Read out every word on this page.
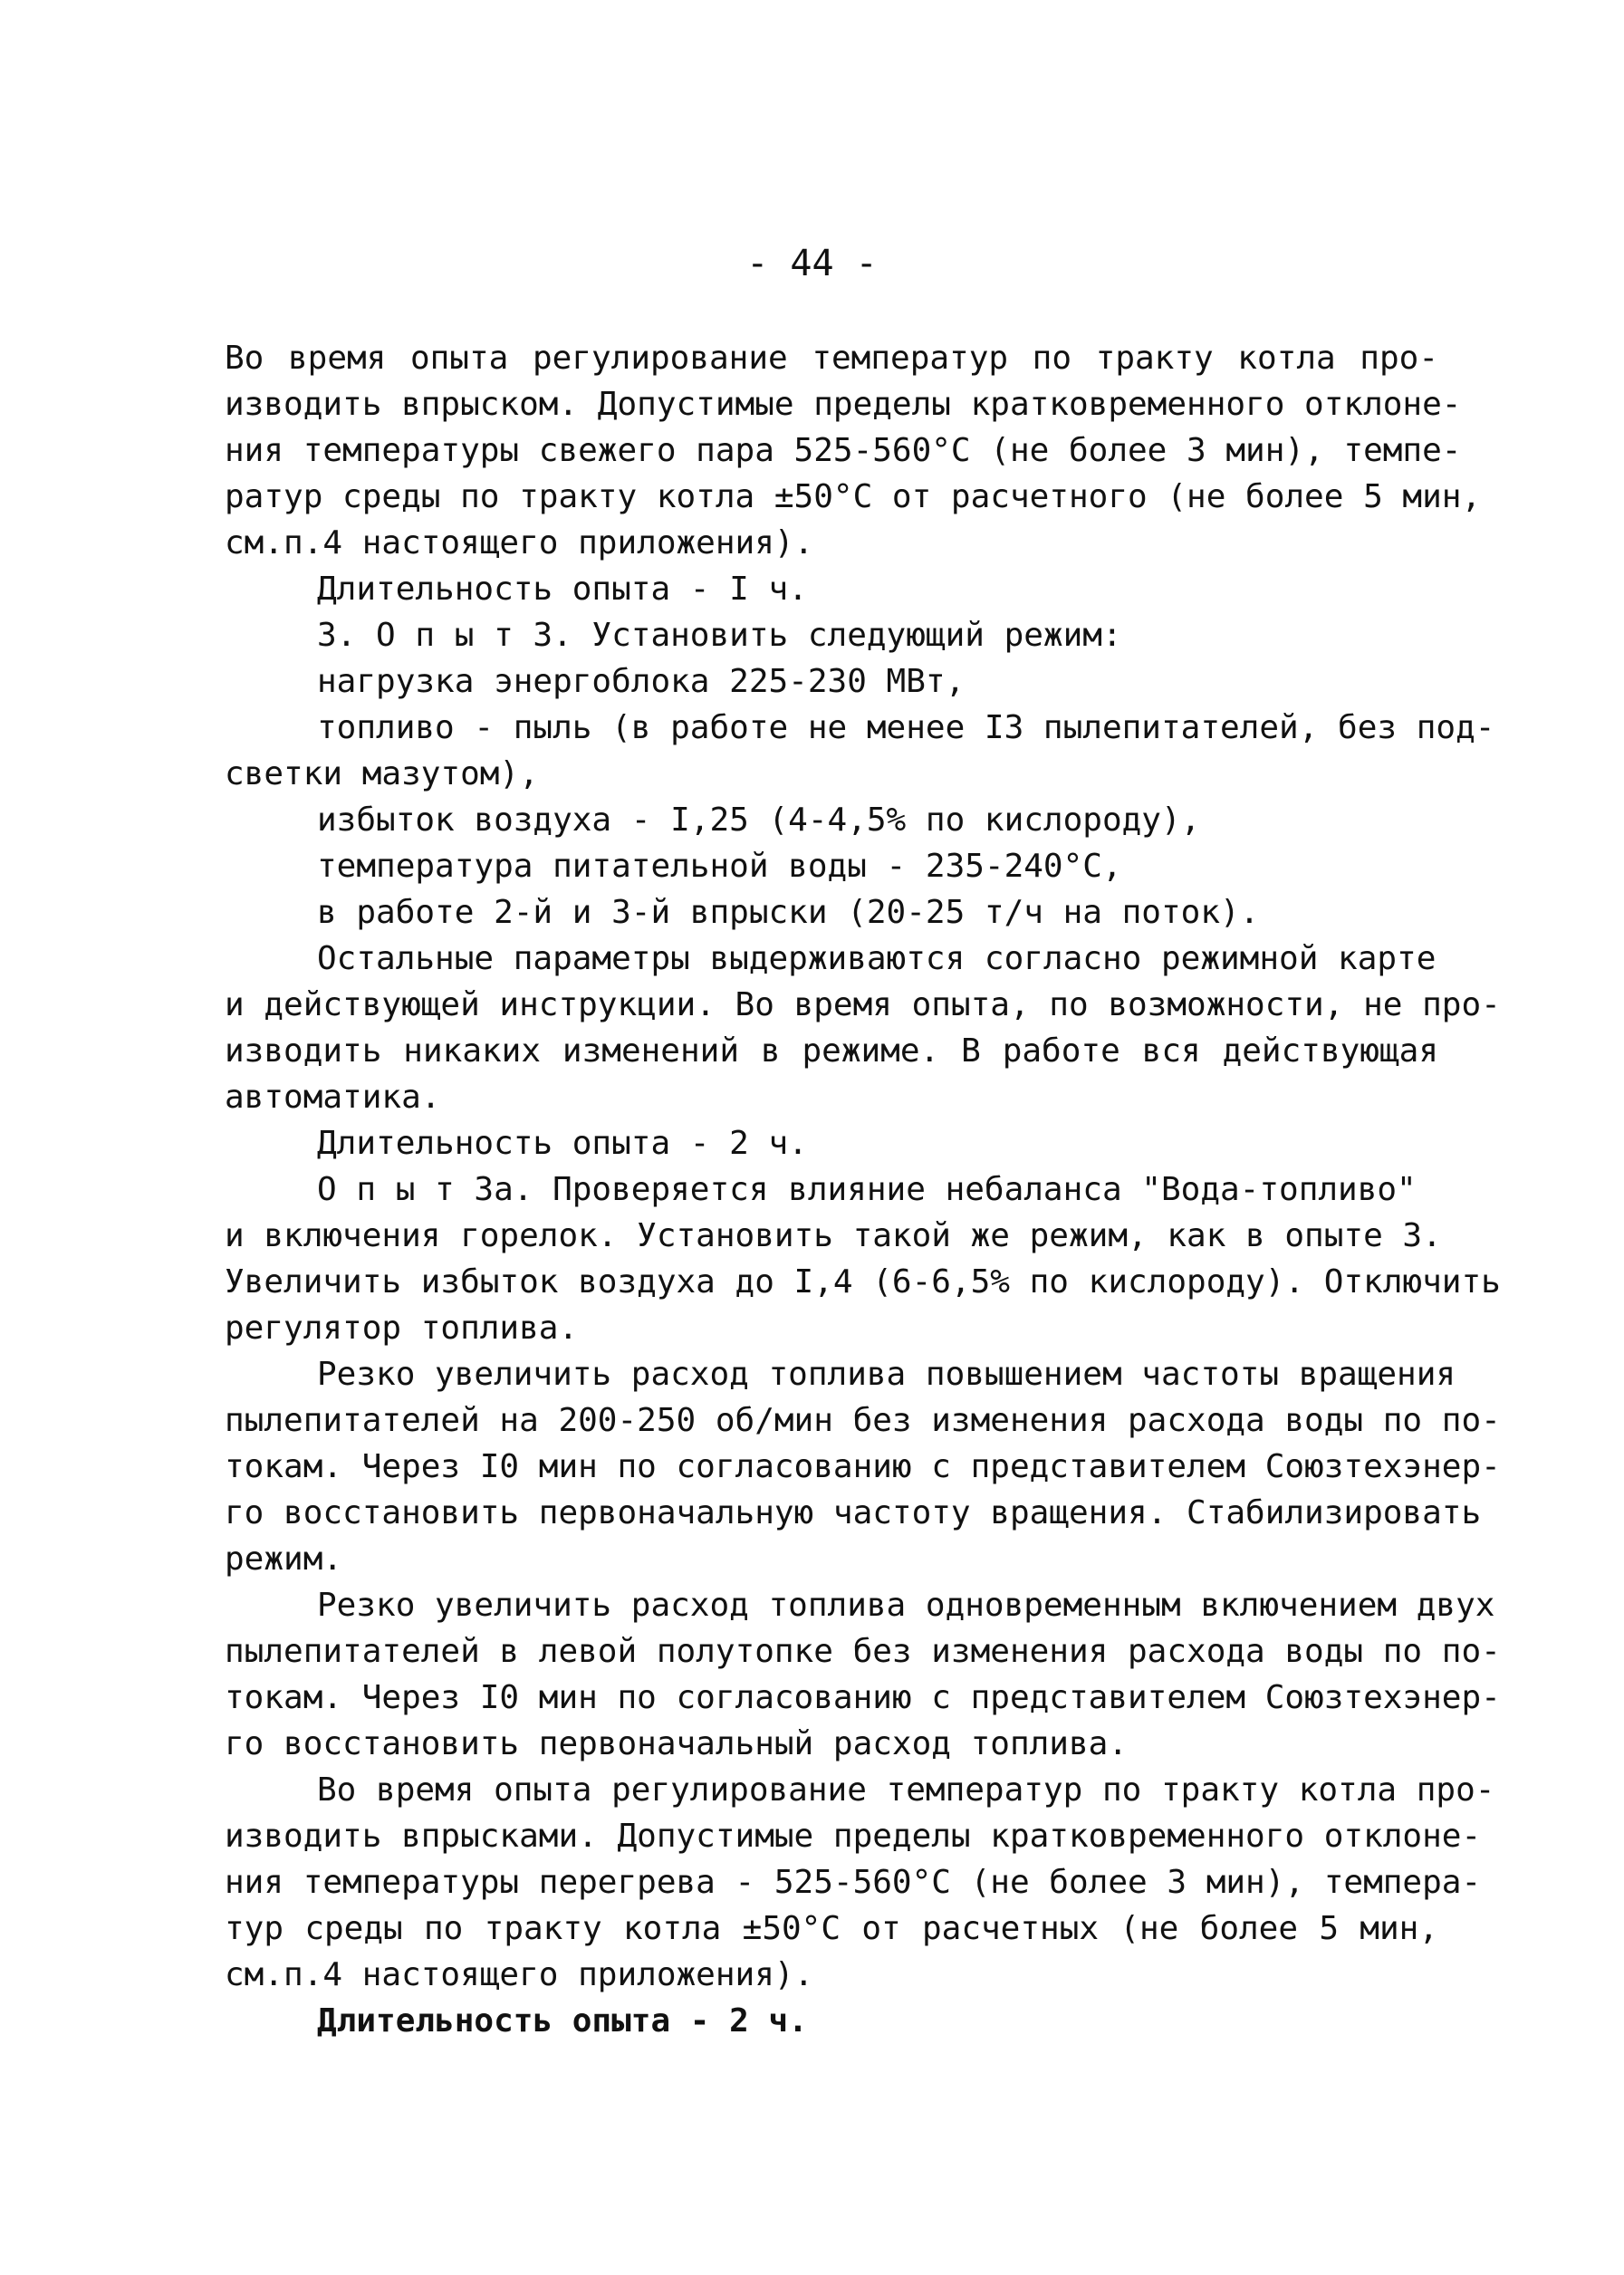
- 44 -
Во время опыта регулирование температур по тракту котла про-
изводить впрыском. Допустимые пределы кратковременного отклоне-
ния температуры свежего пара 525-560°C (не более 3 мин), темпе-
ратур среды по тракту котла ±50°C от расчетного (не более 5 мин,
см.п.4 настоящего приложения).
Длительность опыта - I ч.
3. О п ы т 3. Установить следующий режим:
нагрузка энергоблока 225-230 МВт,
топливо - пыль (в работе не менее I3 пылепитателей, без под-
светки мазутом),
избыток воздуха - I,25 (4-4,5% по кислороду),
температура питательной воды - 235-240°C,
в работе 2-й и 3-й впрыски (20-25 т/ч на поток).
Остальные параметры выдерживаются согласно режимной карте
и действующей инструкции. Во время опыта, по возможности, не про-
изводить никаких изменений в режиме. В работе вся действующая
автоматика.
Длительность опыта - 2 ч.
О п ы т 3а. Проверяется влияние небаланса "Вода-топливо"
и включения горелок. Установить такой же режим, как в опыте 3.
Увеличить избыток воздуха до I,4 (6-6,5% по кислороду). Отключить
регулятор топлива.
Резко увеличить расход топлива повышением частоты вращения
пылепитателей на 200-250 об/мин без изменения расхода воды по по-
токам. Через I0 мин по согласованию с представителем Союзтехэнер-
го восстановить первоначальную частоту вращения. Стабилизировать
режим.
Резко увеличить расход топлива одновременным включением двух
пылепитателей в левой полутопке без изменения расхода воды по по-
токам. Через I0 мин по согласованию с представителем Союзтехэнер-
го восстановить первоначальный расход топлива.
Во время опыта регулирование температур по тракту котла про-
изводить впрысками. Допустимые пределы кратковременного отклоне-
ния температуры перегрева - 525-560°C (не более 3 мин), темпера-
тур среды по тракту котла ±50°C от расчетных (не более 5 мин,
см.п.4 настоящего приложения).
Длительность опыта - 2 ч.
